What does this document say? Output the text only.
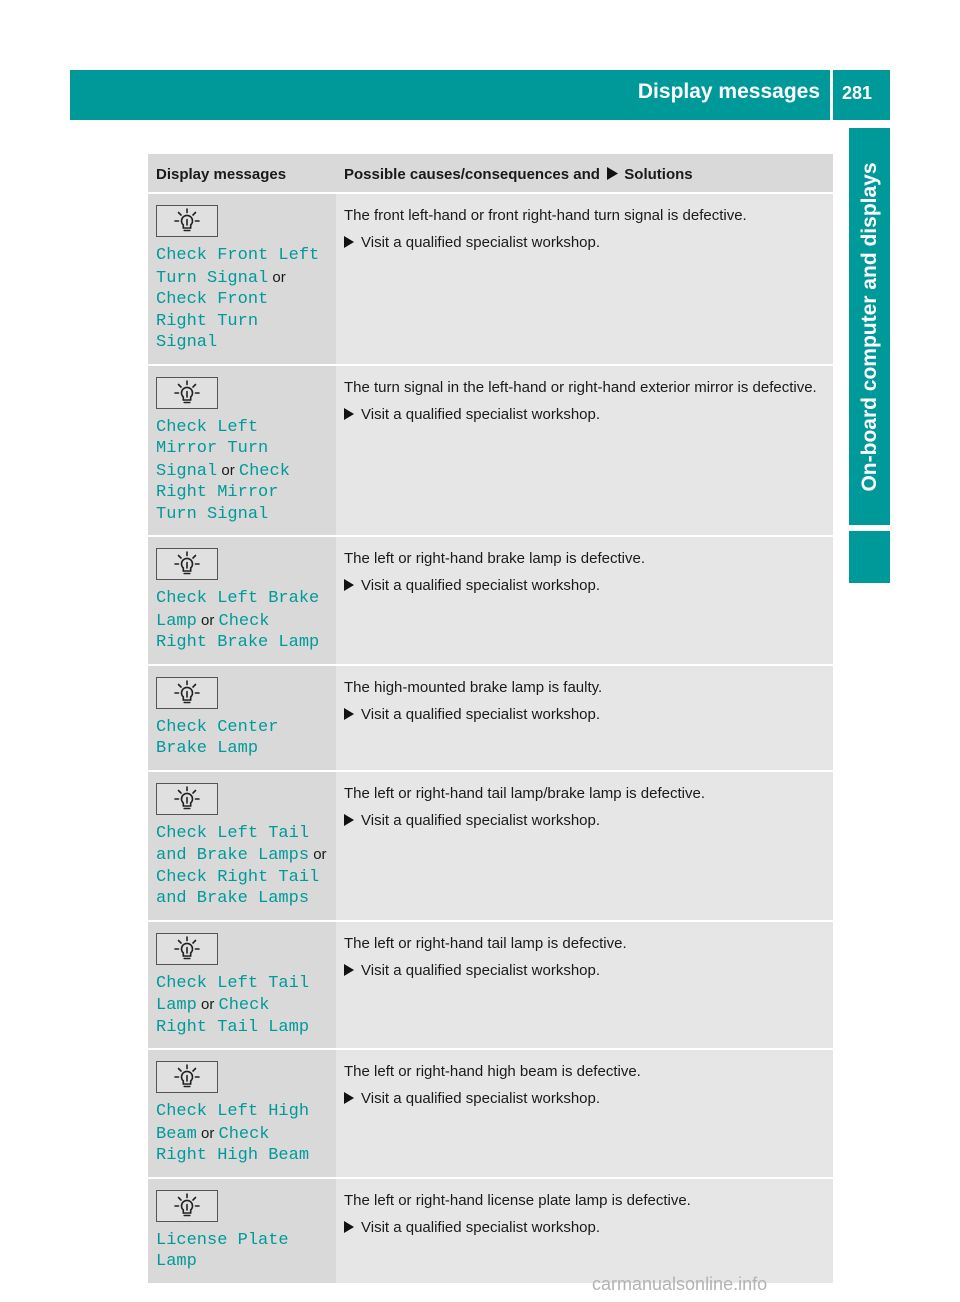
Display messages 281
On-board computer and displays
Display messages	Possible causes/consequences and Solutions

Check Front Left Turn Signal or Check Front Right Turn Signal	The front left-hand or front right-hand turn signal is defective.

Visit a qualified specialist workshop.

Check Left Mirror Turn Signal or Check Right Mirror Turn Signal	The turn signal in the left-hand or right-hand exterior mirror is defective.

Visit a qualified specialist workshop.

Check Left Brake Lamp or Check Right Brake Lamp	The left or right-hand brake lamp is defective.

Visit a qualified specialist workshop.

Check Center Brake Lamp	The high-mounted brake lamp is faulty.

Visit a qualified specialist workshop.

Check Left Tail and Brake Lamps or Check Right Tail and Brake Lamps	The left or right-hand tail lamp/brake lamp is defective.

Visit a qualified specialist workshop.

Check Left Tail Lamp or Check Right Tail Lamp	The left or right-hand tail lamp is defective.

Visit a qualified specialist workshop.

Check Left High Beam or Check Right High Beam	The left or right-hand high beam is defective.

Visit a qualified specialist workshop.

License Plate Lamp	The left or right-hand license plate lamp is defective.

Visit a qualified specialist workshop.

carmanualsonline.info
